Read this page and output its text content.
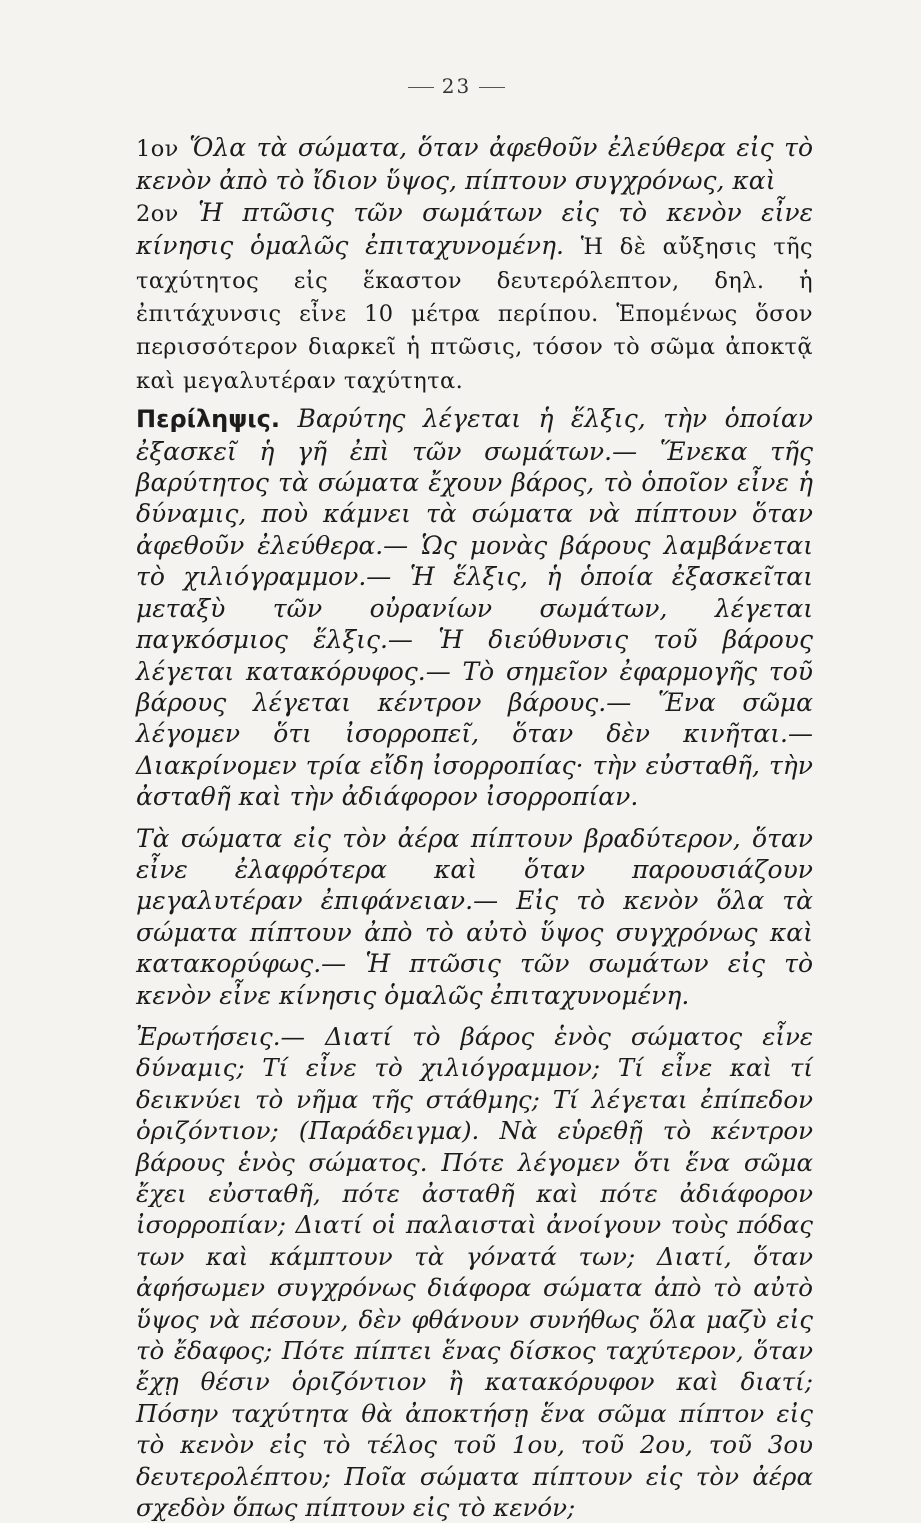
23

1ον Ὅλα τὰ σώματα, ὅταν ἀφεθοῦν ἐλεύθερα εἰς τὸ κενὸν ἀπὸ τὸ ἴδιον ὕψος, πίπτουν συγχρόνως, καὶ

2ον Ἡ πτῶσις τῶν σωμάτων εἰς τὸ κενὸν εἶνε κίνησις ὁμαλῶς ἐπιταχυνομένη. Ἡ δὲ αὔξησις τῆς ταχύτητος εἰς ἕκαστον δευτερόλεπτον, δηλ. ἡ ἐπιτάχυνσις εἶνε 10 μέτρα περίπου. Ἑπομένως ὅσον περισσότερον διαρκεῖ ἡ πτῶσις, τόσον τὸ σῶμα ἀποκτᾷ καὶ μεγαλυτέραν ταχύτητα.

Περίληψις. Βαρύτης λέγεται ἡ ἕλξις, τὴν ὁποίαν ἐξασκεῖ ἡ γῆ ἐπὶ τῶν σωμάτων.— Ἕνεκα τῆς βαρύτητος τὰ σώματα ἔχουν βάρος, τὸ ὁποῖον εἶνε ἡ δύναμις, ποὺ κάμνει τὰ σώματα νὰ πίπτουν ὅταν ἀφεθοῦν ἐλεύθερα.— Ὡς μονὰς βάρους λαμβάνεται τὸ χιλιόγραμμον.— Ἡ ἕλξις, ἡ ὁποία ἐξασκεῖται μεταξὺ τῶν οὐρανίων σωμάτων, λέγεται παγκόσμιος ἕλξις.— Ἡ διεύθυνσις τοῦ βάρους λέγεται κατακόρυφος.— Τὸ σημεῖον ἐφαρμογῆς τοῦ βάρους λέγεται κέντρον βάρους.— Ἕνα σῶμα λέγομεν ὅτι ἰσορροπεῖ, ὅταν δὲν κινῆται.— Διακρίνομεν τρία εἴδη ἰσορροπίας· τὴν εὐσταθῆ, τὴν ἀσταθῆ καὶ τὴν ἀδιάφορον ἰσορροπίαν.

Τὰ σώματα εἰς τὸν ἀέρα πίπτουν βραδύτερον, ὅταν εἶνε ἐλαφρότερα καὶ ὅταν παρουσιάζουν μεγαλυτέραν ἐπιφάνειαν.— Εἰς τὸ κενὸν ὅλα τὰ σώματα πίπτουν ἀπὸ τὸ αὐτὸ ὕψος συγχρόνως καὶ κατακορύφως.— Ἡ πτῶσις τῶν σωμάτων εἰς τὸ κενὸν εἶνε κίνησις ὁμαλῶς ἐπιταχυνομένη.

Ἐρωτήσεις.— Διατί τὸ βάρος ἑνὸς σώματος εἶνε δύναμις; Τί εἶνε τὸ χιλιόγραμμον; Τί εἶνε καὶ τί δεικνύει τὸ νῆμα τῆς στάθμης; Τί λέγεται ἐπίπεδον ὁριζόντιον; (Παράδειγμα). Νὰ εὑρεθῇ τὸ κέντρον βάρους ἑνὸς σώματος. Πότε λέγομεν ὅτι ἕνα σῶμα ἔχει εὐσταθῆ, πότε ἀσταθῆ καὶ πότε ἀδιάφορον ἰσορροπίαν; Διατί οἱ παλαισταὶ ἀνοίγουν τοὺς πόδας των καὶ κάμπτουν τὰ γόνατά των; Διατί, ὅταν ἀφήσωμεν συγχρόνως διάφορα σώματα ἀπὸ τὸ αὐτὸ ὕψος νὰ πέσουν, δὲν φθάνουν συνήθως ὅλα μαζὺ εἰς τὸ ἔδαφος; Πότε πίπτει ἕνας δίσκος ταχύτερον, ὅταν ἔχῃ θέσιν ὁριζόντιον ἢ κατακόρυφον καὶ διατί; Πόσην ταχύτητα θὰ ἀποκτήσῃ ἕνα σῶμα πίπτον εἰς τὸ κενὸν εἰς τὸ τέλος τοῦ 1ου, τοῦ 2ου, τοῦ 3ου δευτερολέπτου; Ποῖα σώματα πίπτουν εἰς τὸν ἀέρα σχεδὸν ὅπως πίπτουν εἰς τὸ κενόν;
